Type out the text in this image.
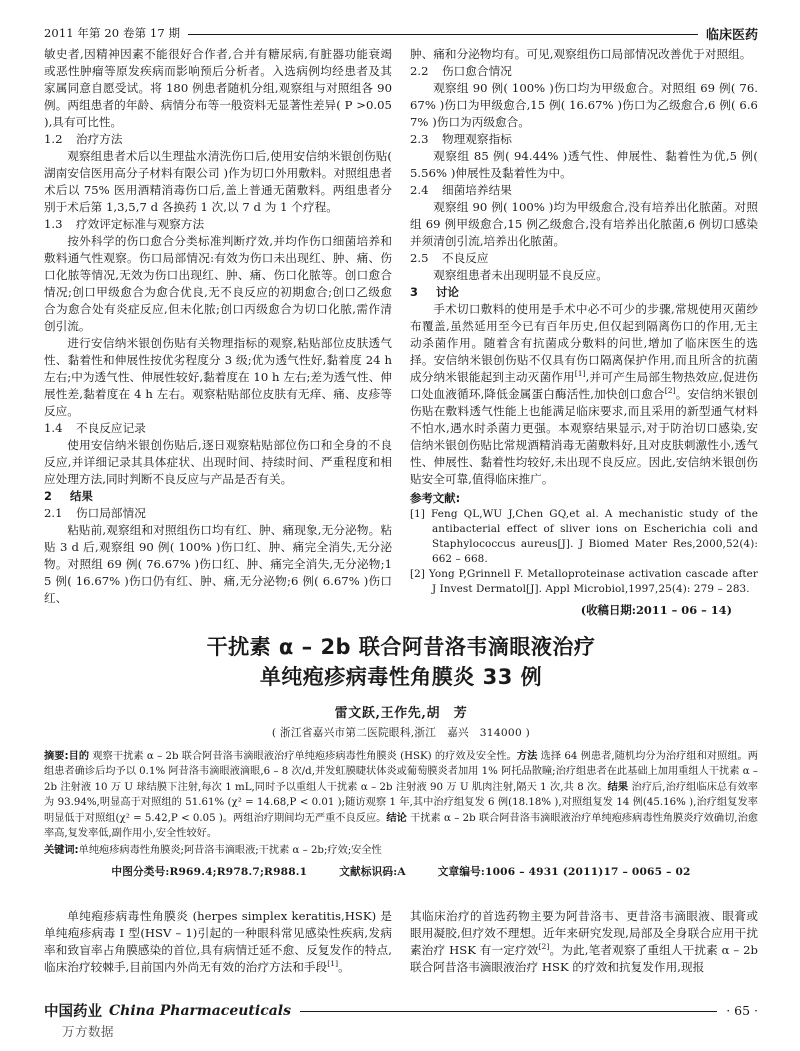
2011 年第 20 卷第 17 期	临床医药

敏史者,因精神因素不能很好合作者,合并有糖尿病,有脏器功能衰竭或恶性肿瘤等原发疾病而影响预后分析者。入选病例均经患者及其家属同意自愿受试。将 180 例患者随机分组,观察组与对照组各 90 例。两组患者的年龄、病情分布等一般资料无显著性差异( P >0.05 ),具有可比性。

1.2 治疗方法

观察组患者术后以生理盐水清洗伤口后,使用安信纳米银创伤贴( 湖南安信医用高分子材料有限公司 )作为切口外用敷料。对照组患者术后以 75% 医用酒精消毒伤口后,盖上普通无菌敷料。两组患者分别于术后第 1,3,5,7 d 各换药 1 次,以 7 d 为 1 个疗程。

1.3 疗效评定标准与观察方法

按外科学的伤口愈合分类标准判断疗效,并均作伤口细菌培养和敷料通气性观察。伤口局部情况:有效为伤口未出现红、肿、痛、伤口化脓等情况,无效为伤口出现红、肿、痛、伤口化脓等。创口愈合情况;创口甲级愈合为愈合优良,无不良反应的初期愈合;创口乙级愈合为愈合处有炎症反应,但未化脓;创口丙级愈合为切口化脓,需作清创引流。

进行安信纳米银创伤贴有关物理指标的观察,粘贴部位皮肤透气性、黏着性和伸展性按优劣程度分 3 级;优为透气性好,黏着度 24 h 左右;中为透气性、伸展性较好,黏着度在 10 h 左右;差为透气性、伸展性差,黏着度在 4 h 左右。观察粘贴部位皮肤有无痒、痛、皮疹等反应。

1.4 不良反应记录

使用安信纳米银创伤贴后,逐日观察粘贴部位伤口和全身的不良反应,并详细记录其具体症状、出现时间、持续时间、严重程度和相应处理方法,同时判断不良反应与产品是否有关。

2 结果

2.1 伤口局部情况

粘贴前,观察组和对照组伤口均有红、肿、痛现象,无分泌物。粘贴 3 d 后,观察组 90 例( 100% )伤口红、肿、痛完全消失,无分泌物。对照组 69 例( 76.67% )伤口红、肿、痛完全消失,无分泌物;15 例( 16.67% )伤口仍有红、肿、痛,无分泌物;6 例( 6.67% )伤口红、

肿、痛和分泌物均有。可见,观察组伤口局部情况改善优于对照组。

2.2 伤口愈合情况

观察组 90 例( 100% )伤口均为甲级愈合。对照组 69 例( 76.67% )伤口为甲级愈合,15 例( 16.67% )伤口为乙级愈合,6 例( 6.67% )伤口为丙级愈合。

2.3 物理观察指标

观察组 85 例( 94.44% )透气性、伸展性、黏着性为优,5 例( 5.56% )伸展性及黏着性为中。

2.4 细菌培养结果

观察组 90 例( 100% )均为甲级愈合,没有培养出化脓菌。对照组 69 例甲级愈合,15 例乙级愈合,没有培养出化脓菌,6 例切口感染并须清创引流,培养出化脓菌。

2.5 不良反应

观察组患者未出现明显不良反应。

3 讨论

手术切口敷料的使用是手术中必不可少的步骤,常规使用灭菌纱布覆盖,虽然延用至今已有百年历史,但仅起到隔离伤口的作用,无主动杀菌作用。随着含有抗菌成分敷料的问世,增加了临床医生的选择。安信纳米银创伤贴不仅具有伤口隔离保护作用,而且所含的抗菌成分纳米银能起到主动灭菌作用[1],并可产生局部生物热效应,促进伤口处血液循环,降低金属蛋白酶活性,加快创口愈合[2]。安信纳米银创伤贴在敷料透气性能上也能满足临床要求,而且采用的新型通气材料不怕水,遇水时杀菌力更强。本观察结果显示,对于防治切口感染,安信纳米银创伤贴比常规酒精消毒无菌敷料好,且对皮肤刺激性小,透气性、伸展性、黏着性均较好,未出现不良反应。因此,安信纳米银创伤贴安全可靠,值得临床推广。

参考文献:

[1] Feng QL,WU J,Chen GQ,et al. A mechanistic study of the antibacterial effect of sliver ions on Escherichia coli and Staphylococcus aureus[J]. J Biomed Mater Res,2000,52(4): 662 – 668.

[2] Yong P,Grinnell F. Metalloproteinase activation cascade after J Invest Dermatol[J]. Appl Microbiol,1997,25(4): 279 – 283.

(收稿日期:2011 – 06 – 14)

干扰素 α – 2b 联合阿昔洛韦滴眼液治疗
单纯疱疹病毒性角膜炎 33 例
雷文跃,王作先,胡　芳
( 浙江省嘉兴市第二医院眼科,浙江　嘉兴　314000 )

摘要:目的 观察干扰素 α – 2b 联合阿昔洛韦滴眼液治疗单纯疱疹病毒性角膜炎 (HSK) 的疗效及安全性。方法 选择 64 例患者,随机均分为治疗组和对照组。两组患者确诊后均予以 0.1% 阿昔洛韦滴眼液滴眼,6 – 8 次/d,并发虹膜睫状体炎或葡萄膜炎者加用 1% 阿托品散瞳;治疗组患者在此基础上加用重组人干扰素 α – 2b 注射液 10 万 U 球结膜下注射,每次 1 mL,同时予以重组人干扰素 α – 2b 注射液 90 万 U 肌肉注射,隔天 1 次,共 8 次。结果 治疗后,治疗组临床总有效率为 93.94%,明显高于对照组的 51.61% (χ² = 14.68,P < 0.01 );随访观察 1 年,其中治疗组复发 6 例(18.18% ),对照组复发 14 例(45.16% ),治疗组复发率明显低于对照组(χ² = 5.42,P < 0.05 )。两组治疗期间均无严重不良反应。结论 干扰素 α – 2b 联合阿昔洛韦滴眼液治疗单纯疱疹病毒性角膜炎疗效确切,治愈率高,复发率低,副作用小,安全性较好。

关键词:单纯疱疹病毒性角膜炎;阿昔洛韦滴眼液;干扰素 α – 2b;疗效;安全性

中图分类号:R969.4;R978.7;R988.1	文献标识码:A	文章编号:1006 – 4931 (2011)17 – 0065 – 02

单纯疱疹病毒性角膜炎 (herpes simplex keratitis,HSK) 是单纯疱疹病毒 Ⅰ 型(HSV – 1)引起的一种眼科常见感染性疾病,发病率和致盲率占角膜感染的首位,具有病情迁延不愈、反复发作的特点,临床治疗较棘手,目前国内外尚无有效的治疗方法和手段[1]。

其临床治疗的首选药物主要为阿昔洛韦、更昔洛韦滴眼液、眼膏或眼用凝胶,但疗效不理想。近年来研究发现,局部及全身联合应用干扰素治疗 HSK 有一定疗效[2]。为此,笔者观察了重组人干扰素 α – 2b 联合阿昔洛韦滴眼液治疗 HSK 的疗效和抗复发作用,现报

中国药业 China Pharmaceuticals	· 65 ·
万方数据
